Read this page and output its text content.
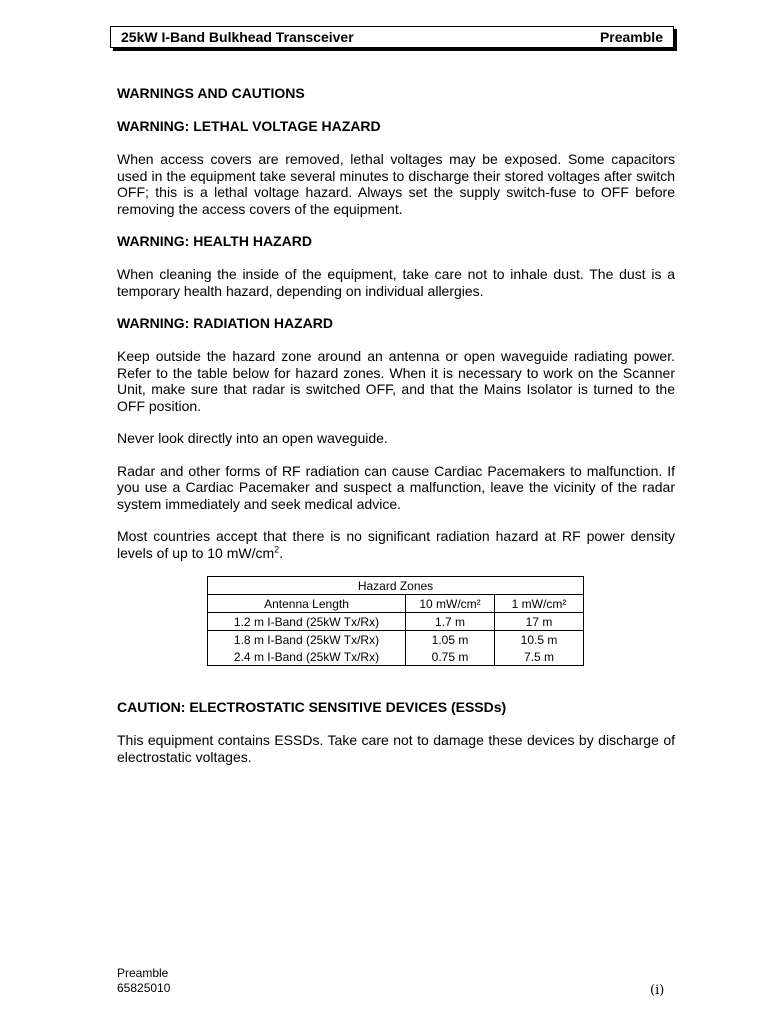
25kW I-Band Bulkhead Transceiver	Preamble
WARNINGS AND CAUTIONS
WARNING: LETHAL VOLTAGE HAZARD

When access covers are removed, lethal voltages may be exposed. Some capacitors used in the equipment take several minutes to discharge their stored voltages after switch OFF; this is a lethal voltage hazard. Always set the supply switch-fuse to OFF before removing the access covers of the equipment.

WARNING: HEALTH HAZARD

When cleaning the inside of the equipment, take care not to inhale dust. The dust is a temporary health hazard, depending on individual allergies.

WARNING: RADIATION HAZARD

Keep outside the hazard zone around an antenna or open waveguide radiating power. Refer to the table below for hazard zones. When it is necessary to work on the Scanner Unit, make sure that radar is switched OFF, and that the Mains Isolator is turned to the OFF position.

Never look directly into an open waveguide.

Radar and other forms of RF radiation can cause Cardiac Pacemakers to malfunction. If you use a Cardiac Pacemaker and suspect a malfunction, leave the vicinity of the radar system immediately and seek medical advice.

Most countries accept that there is no significant radiation hazard at RF power density levels of up to 10 $mW/cm^2$.

Hazard Zones		
Antenna Length	10 mW/cm²	1 mW/cm²
1.2 m I-Band (25kW Tx/Rx)	1.7 m	17 m
1.8 m I-Band (25kW Tx/Rx)	1.05 m	10.5 m
2.4 m I-Band (25kW Tx/Rx)	0.75 m	7.5 m
CAUTION: ELECTROSTATIC SENSITIVE DEVICES (ESSDs)

This equipment contains ESSDs. Take care not to damage these devices by discharge of electrostatic voltages.

Preamble
65825010	(i)
